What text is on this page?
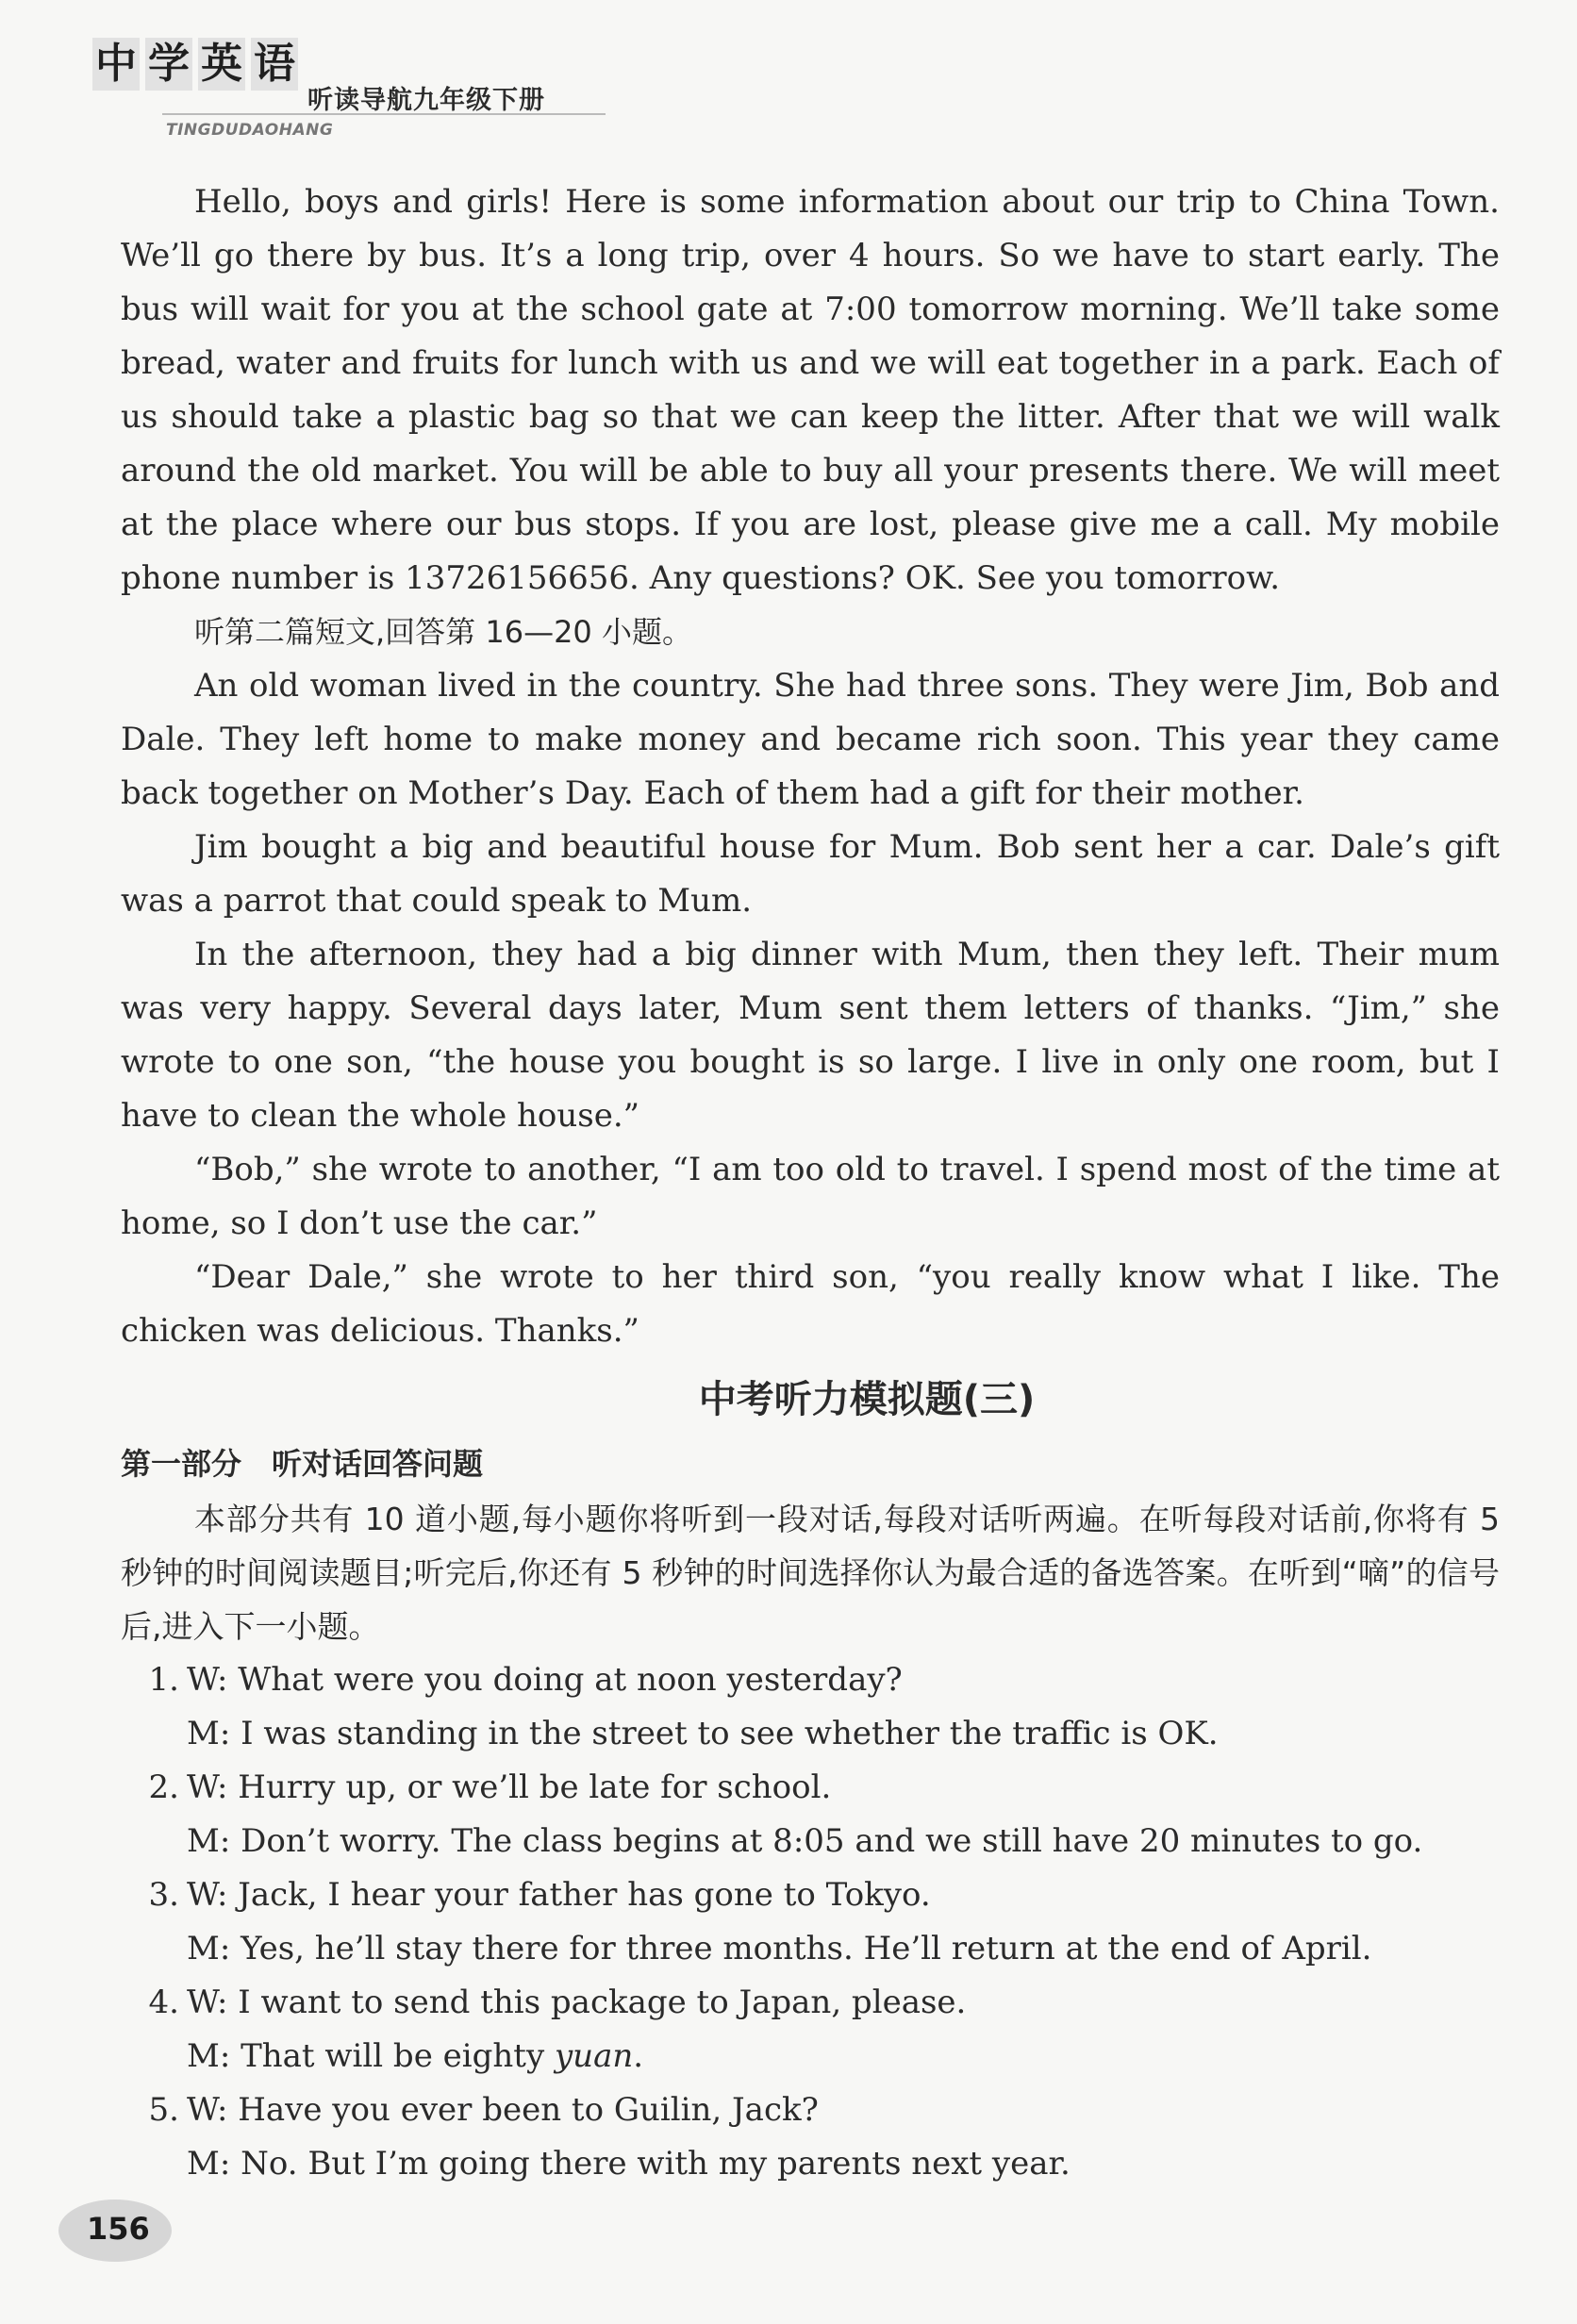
中 学 英 语
听读导航九年级下册
TINGDUDAOHANG

Hello, boys and girls! Here is some information about our trip to China Town. We’ll go there by bus. It’s a long trip, over 4 hours. So we have to start early. The bus will wait for you at the school gate at 7:00 tomorrow morning. We’ll take some bread, water and fruits for lunch with us and we will eat together in a park. Each of us should take a plastic bag so that we can keep the litter. After that we will walk around the old market. You will be able to buy all your presents there. We will meet at the place where our bus stops. If you are lost, please give me a call. My mobile phone number is 13726156656. Any questions? OK. See you tomorrow.

听第二篇短文,回答第 16—20 小题。

An old woman lived in the country. She had three sons. They were Jim, Bob and Dale. They left home to make money and became rich soon. This year they came back together on Mother’s Day. Each of them had a gift for their mother.

Jim bought a big and beautiful house for Mum. Bob sent her a car. Dale’s gift was a parrot that could speak to Mum.

In the afternoon, they had a big dinner with Mum, then they left. Their mum was very happy. Several days later, Mum sent them letters of thanks. “Jim,” she wrote to one son, “the house you bought is so large. I live in only one room, but I have to clean the whole house.”

“Bob,” she wrote to another, “I am too old to travel. I spend most of the time at home, so I don’t use the car.”

“Dear Dale,” she wrote to her third son, “you really know what I like. The chicken was delicious. Thanks.”

中考听力模拟题(三)

第一部分　听对话回答问题

本部分共有 10 道小题,每小题你将听到一段对话,每段对话听两遍。在听每段对话前,你将有 5 秒钟的时间阅读题目;听完后,你还有 5 秒钟的时间选择你认为最合适的备选答案。在听到“嘀”的信号后,进入下一小题。

1. W: What were you doing at noon yesterday?

M: I was standing in the street to see whether the traffic is OK.

2. W: Hurry up, or we’ll be late for school.

M: Don’t worry. The class begins at 8:05 and we still have 20 minutes to go.

3. W: Jack, I hear your father has gone to Tokyo.

M: Yes, he’ll stay there for three months. He’ll return at the end of April.

4. W: I want to send this package to Japan, please.

M: That will be eighty yuan.

5. W: Have you ever been to Guilin, Jack?

M: No. But I’m going there with my parents next year.

156
